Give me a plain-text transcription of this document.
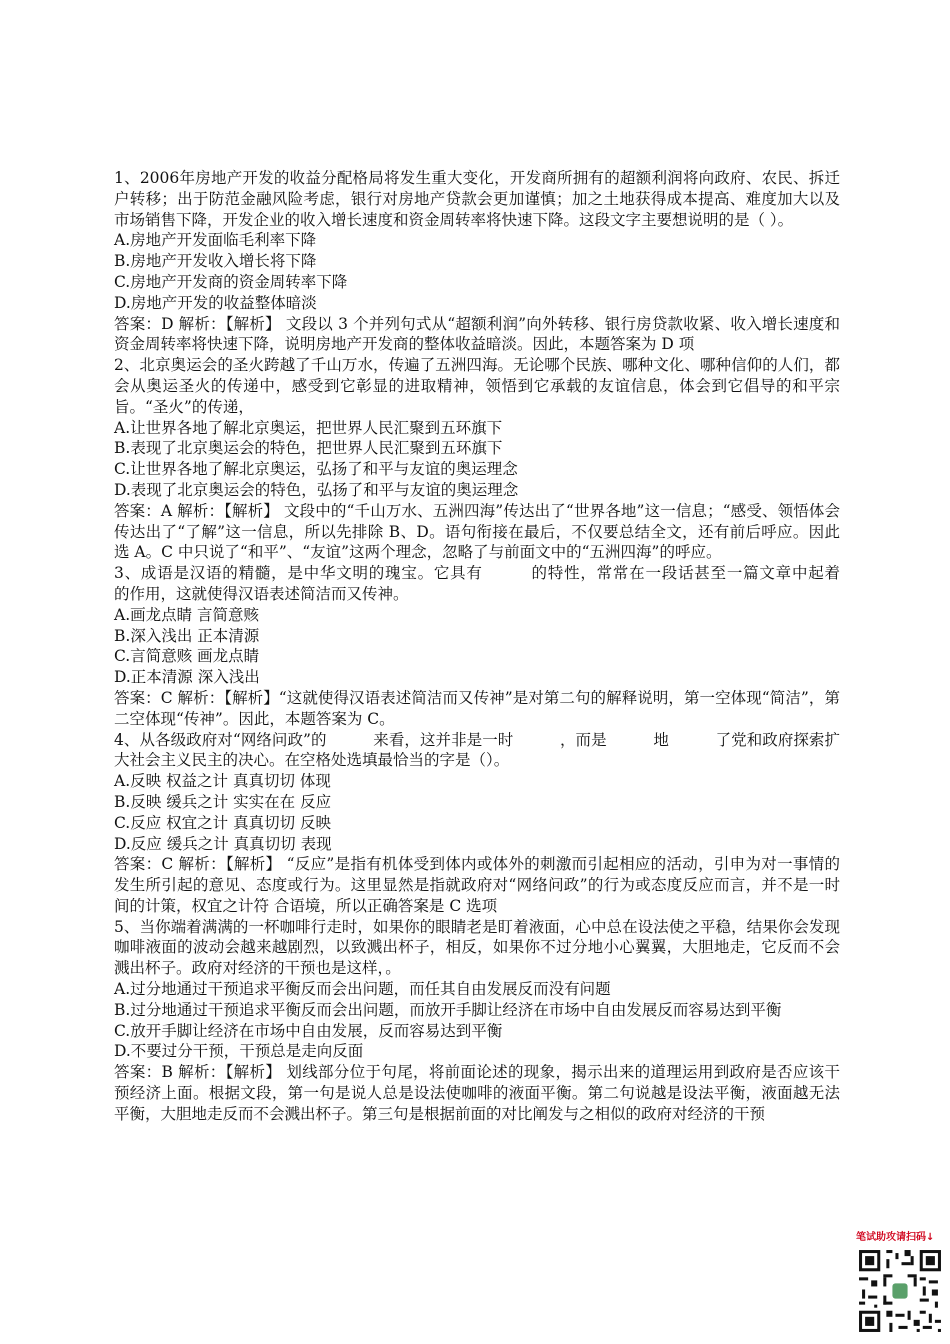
1、2006年房地产开发的收益分配格局将发生重大变化，开发商所拥有的超额利润将向政府、农民、拆迁户转移；出于防范金融风险考虑，银行对房地产贷款会更加谨慎；加之土地获得成本提高、难度加大以及市场销售下降，开发企业的收入增长速度和资金周转率将快速下降。这段文字主要想说明的是（ ）。

A.房地产开发面临毛利率下降

B.房地产开发收入增长将下降

C.房地产开发商的资金周转率下降

D.房地产开发的收益整体暗淡

答案：D 解析：【解析】 文段以 3 个并列句式从“超额利润”向外转移、银行房贷款收紧、收入增长速度和资金周转率将快速下降，说明房地产开发商的整体收益暗淡。因此，本题答案为 D 项

2、北京奥运会的圣火跨越了千山万水，传遍了五洲四海。无论哪个民族、哪种文化、哪种信仰的人们，都会从奥运圣火的传递中，感受到它彰显的进取精神，领悟到它承载的友谊信息，体会到它倡导的和平宗旨。“圣火”的传递，

A.让世界各地了解北京奥运，把世界人民汇聚到五环旗下

B.表现了北京奥运会的特色，把世界人民汇聚到五环旗下

C.让世界各地了解北京奥运，弘扬了和平与友谊的奥运理念

D.表现了北京奥运会的特色，弘扬了和平与友谊的奥运理念

答案：A 解析：【解析】 文段中的“千山万水、五洲四海”传达出了“世界各地”这一信息；“感受、领悟体会传达出了“了解”这一信息，所以先排除 B、D。语句衔接在最后，不仅要总结全文，还有前后呼应。因此选 A。C 中只说了“和平”、“友谊”这两个理念，忽略了与前面文中的“五洲四海”的呼应。

3、成语是汉语的精髓，是中华文明的瑰宝。它具有　　　的特性，常常在一段话甚至一篇文章中起着　　　的作用，这就使得汉语表述简洁而又传神。

A.画龙点睛 言简意赅

B.深入浅出 正本清源

C.言简意赅 画龙点睛

D.正本清源 深入浅出

答案：C 解析：【解析】“这就使得汉语表述简洁而又传神”是对第二句的解释说明，第一空体现“简洁”，第二空体现“传神”。因此，本题答案为 C。

4、从各级政府对“网络问政”的　　　来看，这并非是一时　　　，而是　　　地　　　了党和政府探索扩大社会主义民主的决心。在空格处选填最恰当的字是（）。

A.反映 权益之计 真真切切 体现

B.反映 缓兵之计 实实在在 反应

C.反应 权宜之计 真真切切 反映

D.反应 缓兵之计 真真切切 表现

答案：C 解析：【解析】 “反应”是指有机体受到体内或体外的刺激而引起相应的活动，引申为对一事情的发生所引起的意见、态度或行为。这里显然是指就政府对“网络问政”的行为或态度反应而言，并不是一时间的计策，权宜之计符 合语境，所以正确答案是 C 选项

5、当你端着满满的一杯咖啡行走时，如果你的眼睛老是盯着液面，心中总在设法使之平稳，结果你会发现咖啡液面的波动会越来越剧烈，以致溅出杯子，相反，如果你不过分地小心翼翼，大胆地走，它反而不会溅出杯子。政府对经济的干预也是这样，。

A.过分地通过干预追求平衡反而会出问题，而任其自由发展反而没有问题

B.过分地通过干预追求平衡反而会出问题，而放开手脚让经济在市场中自由发展反而容易达到平衡

C.放开手脚让经济在市场中自由发展，反而容易达到平衡

D.不要过分干预，干预总是走向反面

答案：B 解析：【解析】 划线部分位于句尾，将前面论述的现象，揭示出来的道理运用到政府是否应该干预经济上面。根据文段，第一句是说人总是设法使咖啡的液面平衡。第二句说越是设法平衡，液面越无法平衡，大胆地走反而不会溅出杯子。第三句是根据前面的对比阐发与之相似的政府对经济的干预

笔试助攻请扫码↓
